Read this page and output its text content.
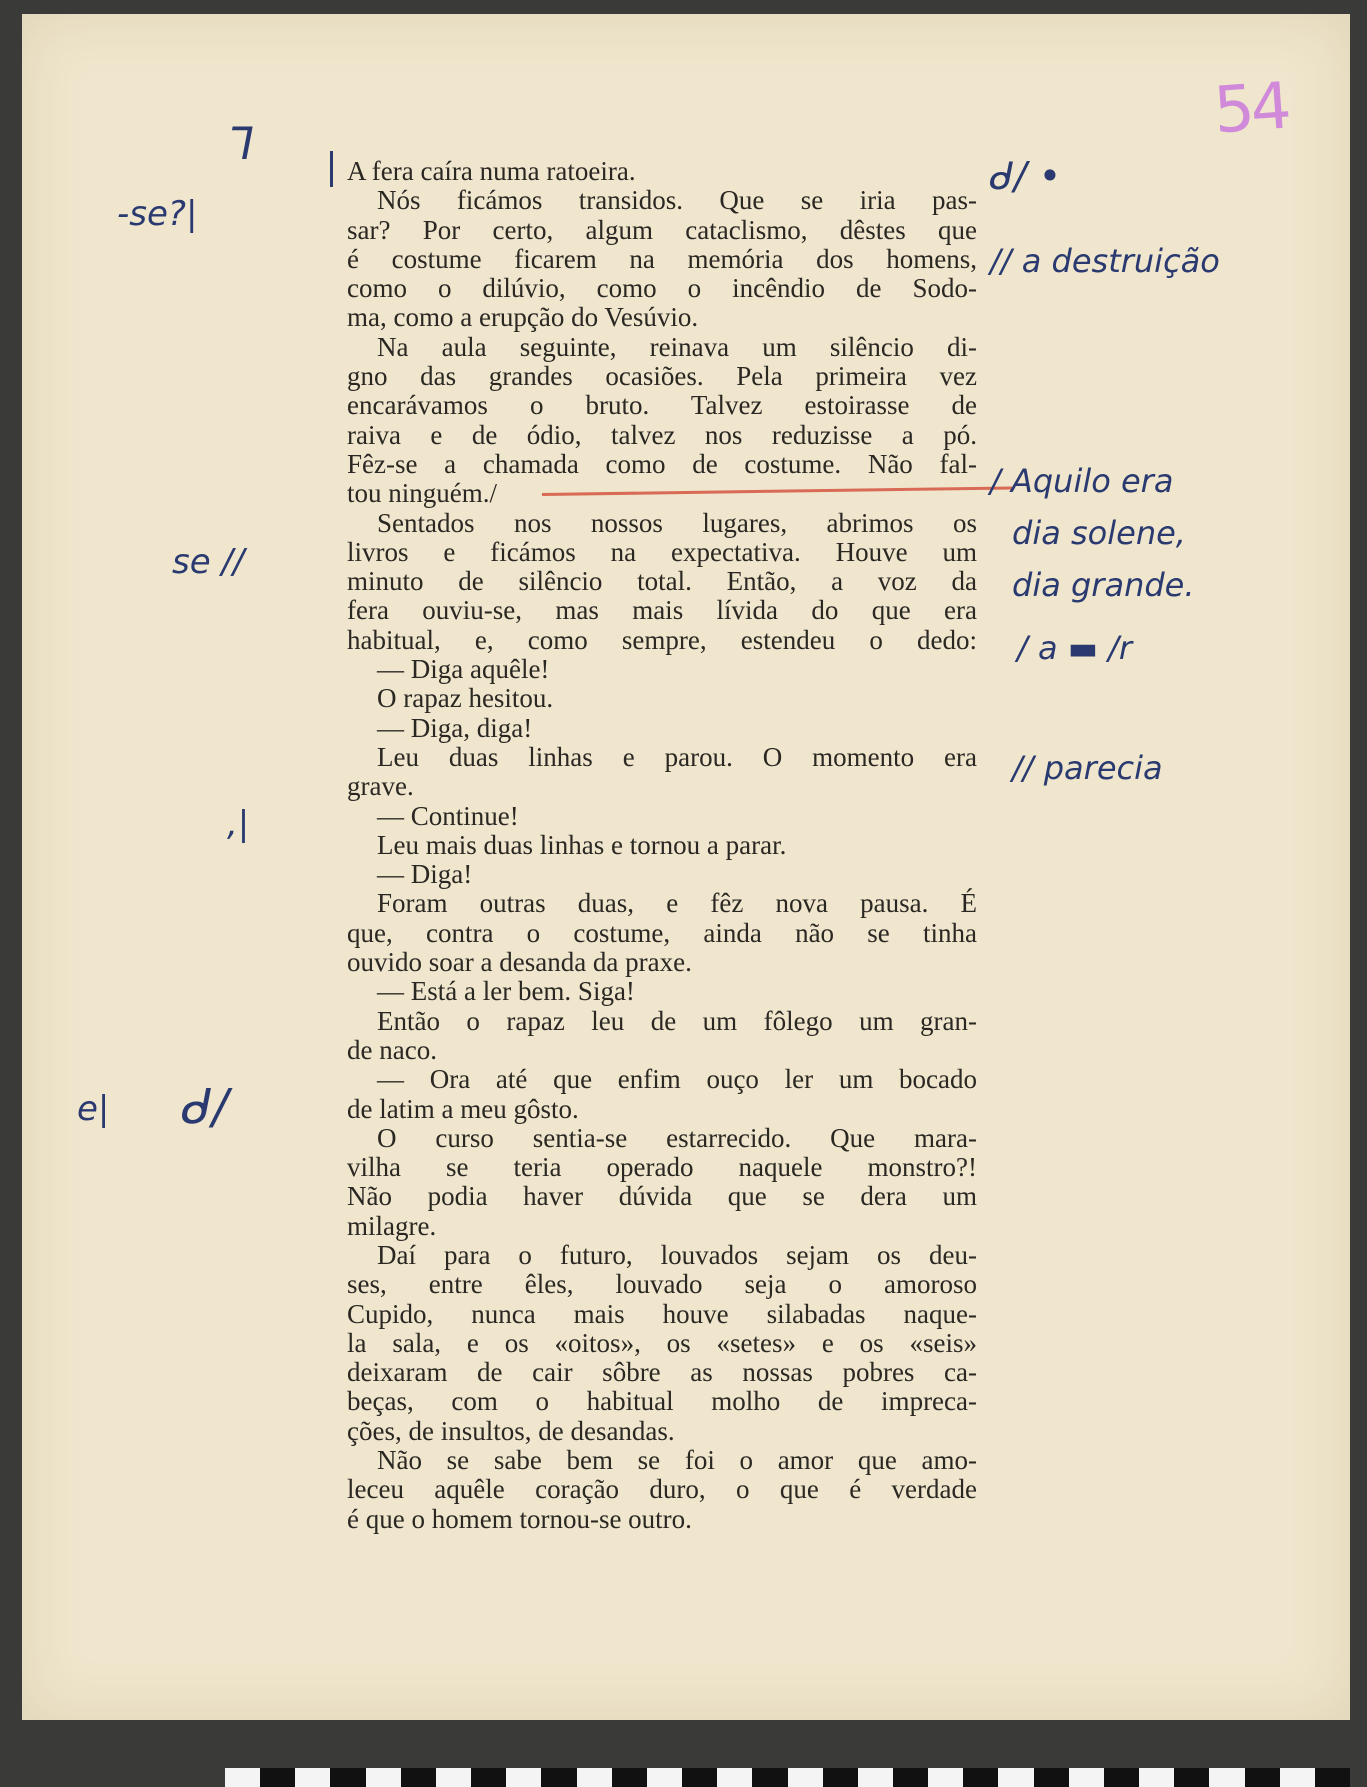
54
A fera caíra numa ratoeira.
Nós ficámos transidos. Que se iria pas-
sar? Por certo, algum cataclismo, dêstes que
é costume ficarem na memória dos homens,
como o dilúvio, como o incêndio de Sodo-
ma, como a erupção do Vesúvio.
Na aula seguinte, reinava um silêncio di-
gno das grandes ocasiões. Pela primeira vez
encarávamos o bruto. Talvez estoirasse de
raiva e de ódio, talvez nos reduzisse a pó.
Fêz-se a chamada como de costume. Não fal-
tou ninguém./
Sentados nos nossos lugares, abrimos os
livros e ficámos na expectativa. Houve um
minuto de silêncio total. Então, a voz da
fera ouviu-se, mas mais lívida do que era
habitual, e, como sempre, estendeu o dedo:
— Diga aquêle!
O rapaz hesitou.
— Diga, diga!
Leu duas linhas e parou. O momento era
grave.
— Continue!
Leu mais duas linhas e tornou a parar.
— Diga!
Foram outras duas, e fêz nova pausa. É
que, contra o costume, ainda não se tinha
ouvido soar a desanda da praxe.
— Está a ler bem. Siga!
Então o rapaz leu de um fôlego um gran-
de naco.
— Ora até que enfim ouço ler um bocado
de latim a meu gôsto.
O curso sentia-se estarrecido. Que mara-
vilha se teria operado naquele monstro?!
Não podia haver dúvida que se dera um
milagre.
Daí para o futuro, louvados sejam os deu-
ses, entre êles, louvado seja o amoroso
Cupido, nunca mais houve silabadas naque-
la sala, e os «oitos», os «setes» e os «seis»
deixaram de cair sôbre as nossas pobres ca-
beças, com o habitual molho de impreca-
ções, de insultos, de desandas.
Não se sabe bem se foi o amor que amo-
leceu aquêle coração duro, o que é verdade
é que o homem tornou-se outro.
ᒣ
-se?|
se //
,|
e| ᑯ/
ᑯ/ •
// a destruição
/ Aquilo era
dia solene,
dia grande.
/ a ▬ /r
// parecia
